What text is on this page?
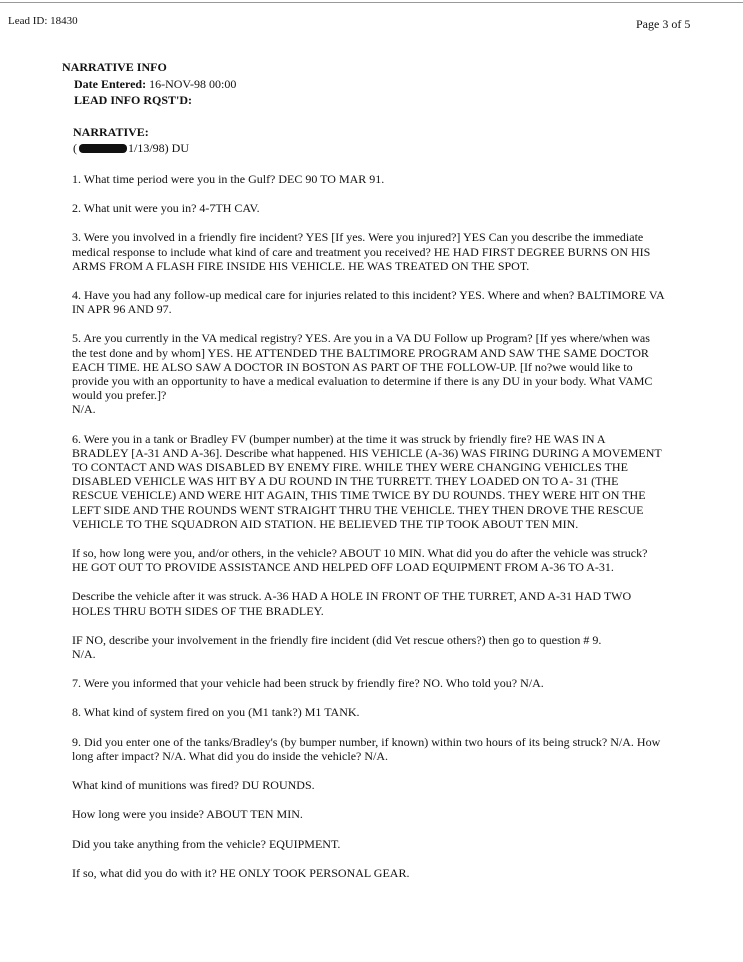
Lead ID: 18430	Page 3 of 5
NARRATIVE INFO
Date Entered: 16-NOV-98 00:00
LEAD INFO RQST'D:
NARRATIVE:
(	1/13/98) DU

1. What time period were you in the Gulf? DEC 90 TO MAR 91.

2. What unit were you in? 4-7TH CAV.

3. Were you involved in a friendly fire incident? YES [If yes. Were you injured?] YES Can you describe the immediate medical response to include what kind of care and treatment you received? HE HAD FIRST DEGREE BURNS ON HIS ARMS FROM A FLASH FIRE INSIDE HIS VEHICLE. HE WAS TREATED ON THE SPOT.

4. Have you had any follow-up medical care for injuries related to this incident? YES. Where and when? BALTIMORE VA IN APR 96 AND 97.

5. Are you currently in the VA medical registry? YES. Are you in a VA DU Follow up Program? [If yes where/when was the test done and by whom] YES. HE ATTENDED THE BALTIMORE PROGRAM AND SAW THE SAME DOCTOR EACH TIME. HE ALSO SAW A DOCTOR IN BOSTON AS PART OF THE FOLLOW-UP. [If no?we would like to provide you with an opportunity to have a medical evaluation to determine if there is any DU in your body. What VAMC would you prefer.]?
N/A.

6. Were you in a tank or Bradley FV (bumper number) at the time it was struck by friendly fire? HE WAS IN A BRADLEY [A-31 AND A-36]. Describe what happened. HIS VEHICLE (A-36) WAS FIRING DURING A MOVEMENT TO CONTACT AND WAS DISABLED BY ENEMY FIRE. WHILE THEY WERE CHANGING VEHICLES THE DISABLED VEHICLE WAS HIT BY A DU ROUND IN THE TURRETT. THEY LOADED ON TO A- 31 (THE RESCUE VEHICLE) AND WERE HIT AGAIN, THIS TIME TWICE BY DU ROUNDS. THEY WERE HIT ON THE LEFT SIDE AND THE ROUNDS WENT STRAIGHT THRU THE VEHICLE. THEY THEN DROVE THE RESCUE VEHICLE TO THE SQUADRON AID STATION. HE BELIEVED THE TIP TOOK ABOUT TEN MIN.

If so, how long were you, and/or others, in the vehicle? ABOUT 10 MIN. What did you do after the vehicle was struck? HE GOT OUT TO PROVIDE ASSISTANCE AND HELPED OFF LOAD EQUIPMENT FROM A-36 TO A-31.

Describe the vehicle after it was struck. A-36 HAD A HOLE IN FRONT OF THE TURRET, AND A-31 HAD TWO HOLES THRU BOTH SIDES OF THE BRADLEY.

IF NO, describe your involvement in the friendly fire incident (did Vet rescue others?) then go to question # 9.
N/A.

7. Were you informed that your vehicle had been struck by friendly fire? NO. Who told you? N/A.

8. What kind of system fired on you (M1 tank?) M1 TANK.

9. Did you enter one of the tanks/Bradley's (by bumper number, if known) within two hours of its being struck? N/A. How long after impact? N/A. What did you do inside the vehicle? N/A.

What kind of munitions was fired? DU ROUNDS.

How long were you inside? ABOUT TEN MIN.

Did you take anything from the vehicle? EQUIPMENT.

If so, what did you do with it? HE ONLY TOOK PERSONAL GEAR.
